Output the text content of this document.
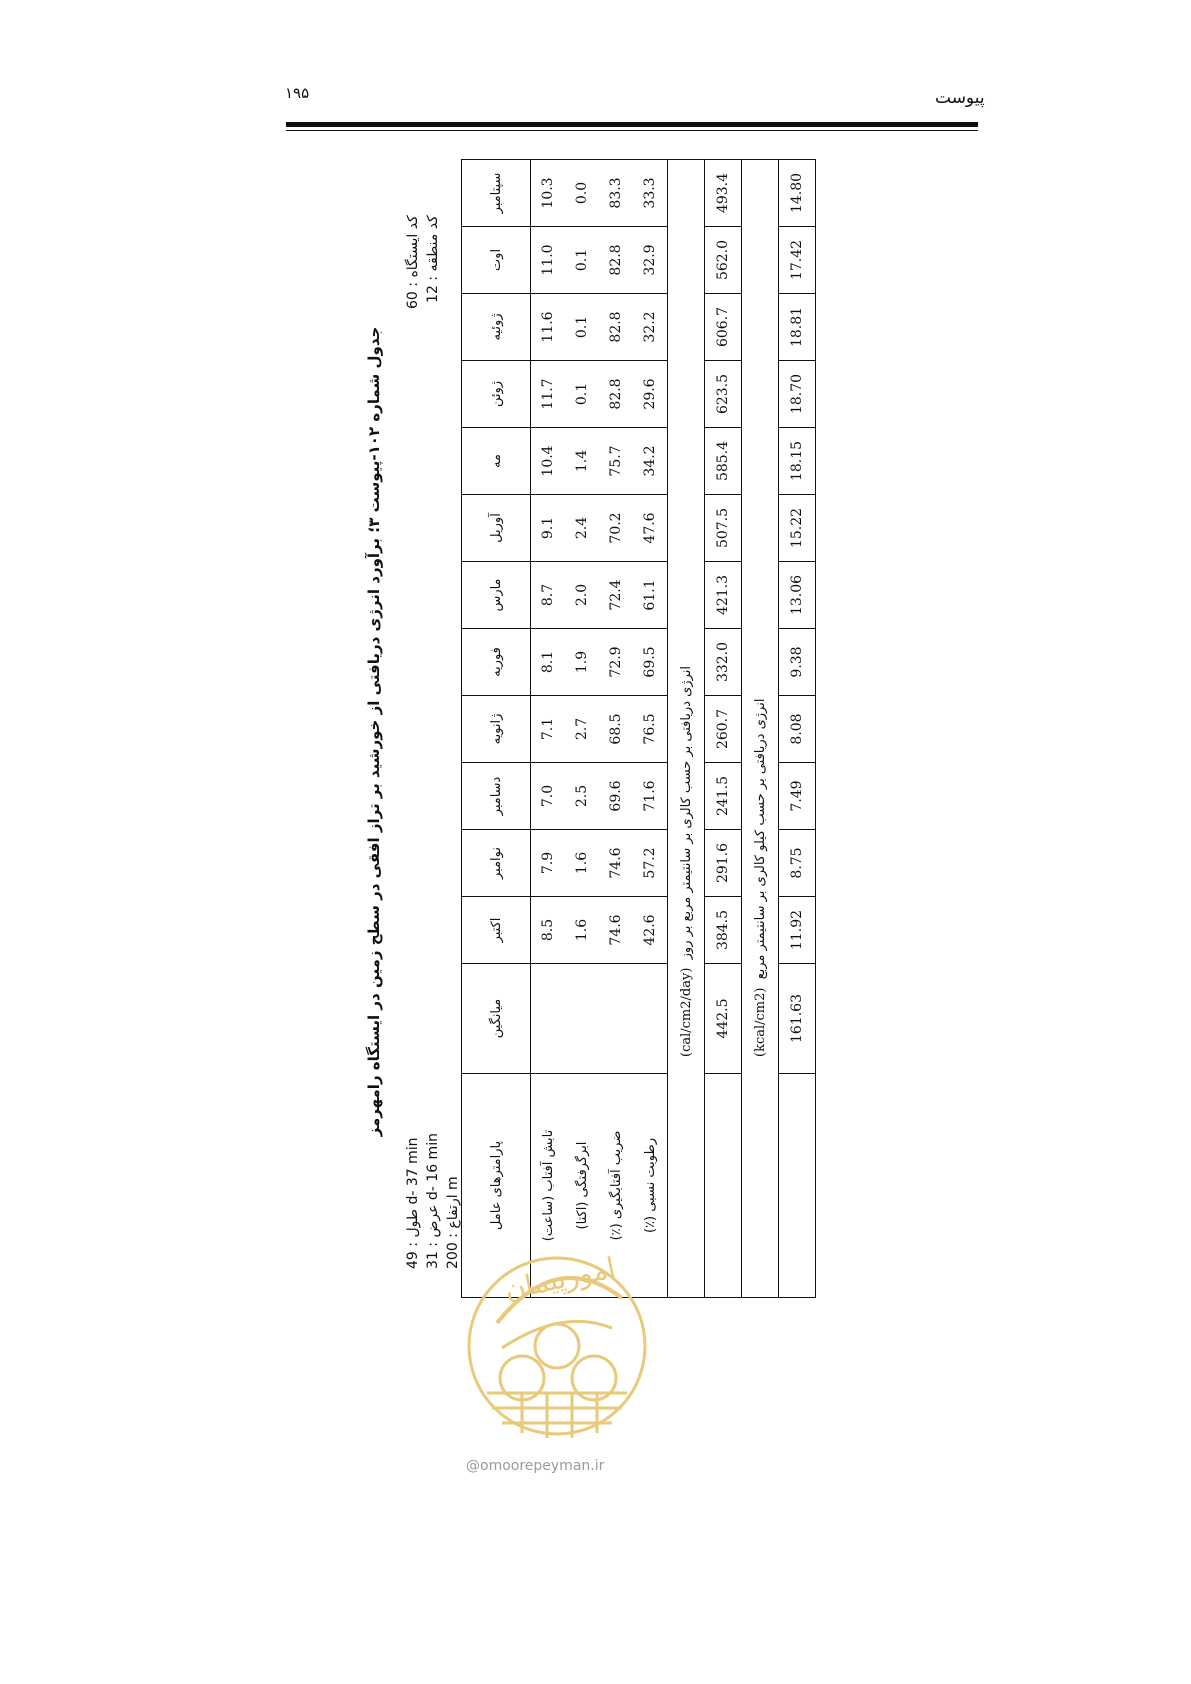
۱۹۵	پیوست
جدول شماره ۱۰۲-پیوست ۳؛ برآورد انرژی دریافتی از خورشید بر تراز افقی در سطح زمین در ایستگاه رامهرمز
طول : 49 d- 37 min
عرض : 31 d- 16 min
ارتفاع : 200 m
کد ایستگاه : 60
کد منطقه : 12
پارامترهای عامل	میانگین	اکتبر	نوامبر	دسامبر	ژانویه	فوریه	مارس	آوریل	مه	ژوئن	ژوئیه	اوت	سپتامبر
تابش آفتاب (ساعت)		8.5	7.9	7.0	7.1	8.1	8.7	9.1	10.4	11.7	11.6	11.0	10.3
ابرگرفتگی (اکتا)		1.6	1.6	2.5	2.7	1.9	2.0	2.4	1.4	0.1	0.1	0.1	0.0
ضریب آفتابگیری (٪)		74.6	74.6	69.6	68.5	72.9	72.4	70.2	75.7	82.8	82.8	82.8	83.3
رطوبت نسبی (٪)		42.6	57.2	71.6	76.5	69.5	61.1	47.6	34.2	29.6	32.2	32.9	33.3
(cal/cm2/day)  انرژی دریافتی بر حسب کالری بر سانتیمتر مربع بر روز													
	442.5	384.5	291.6	241.5	260.7	332.0	421.3	507.5	585.4	623.5	606.7	562.0	493.4
(kcal/cm2)  انرژی دریافتی بر حسب کیلو کالری بر سانتیمتر مربع													
	161.63	11.92	8.75	7.49	8.08	9.38	13.06	15.22	18.15	18.70	18.81	17.42	14.80
امورپیمان
@omoorepeyman.ir
